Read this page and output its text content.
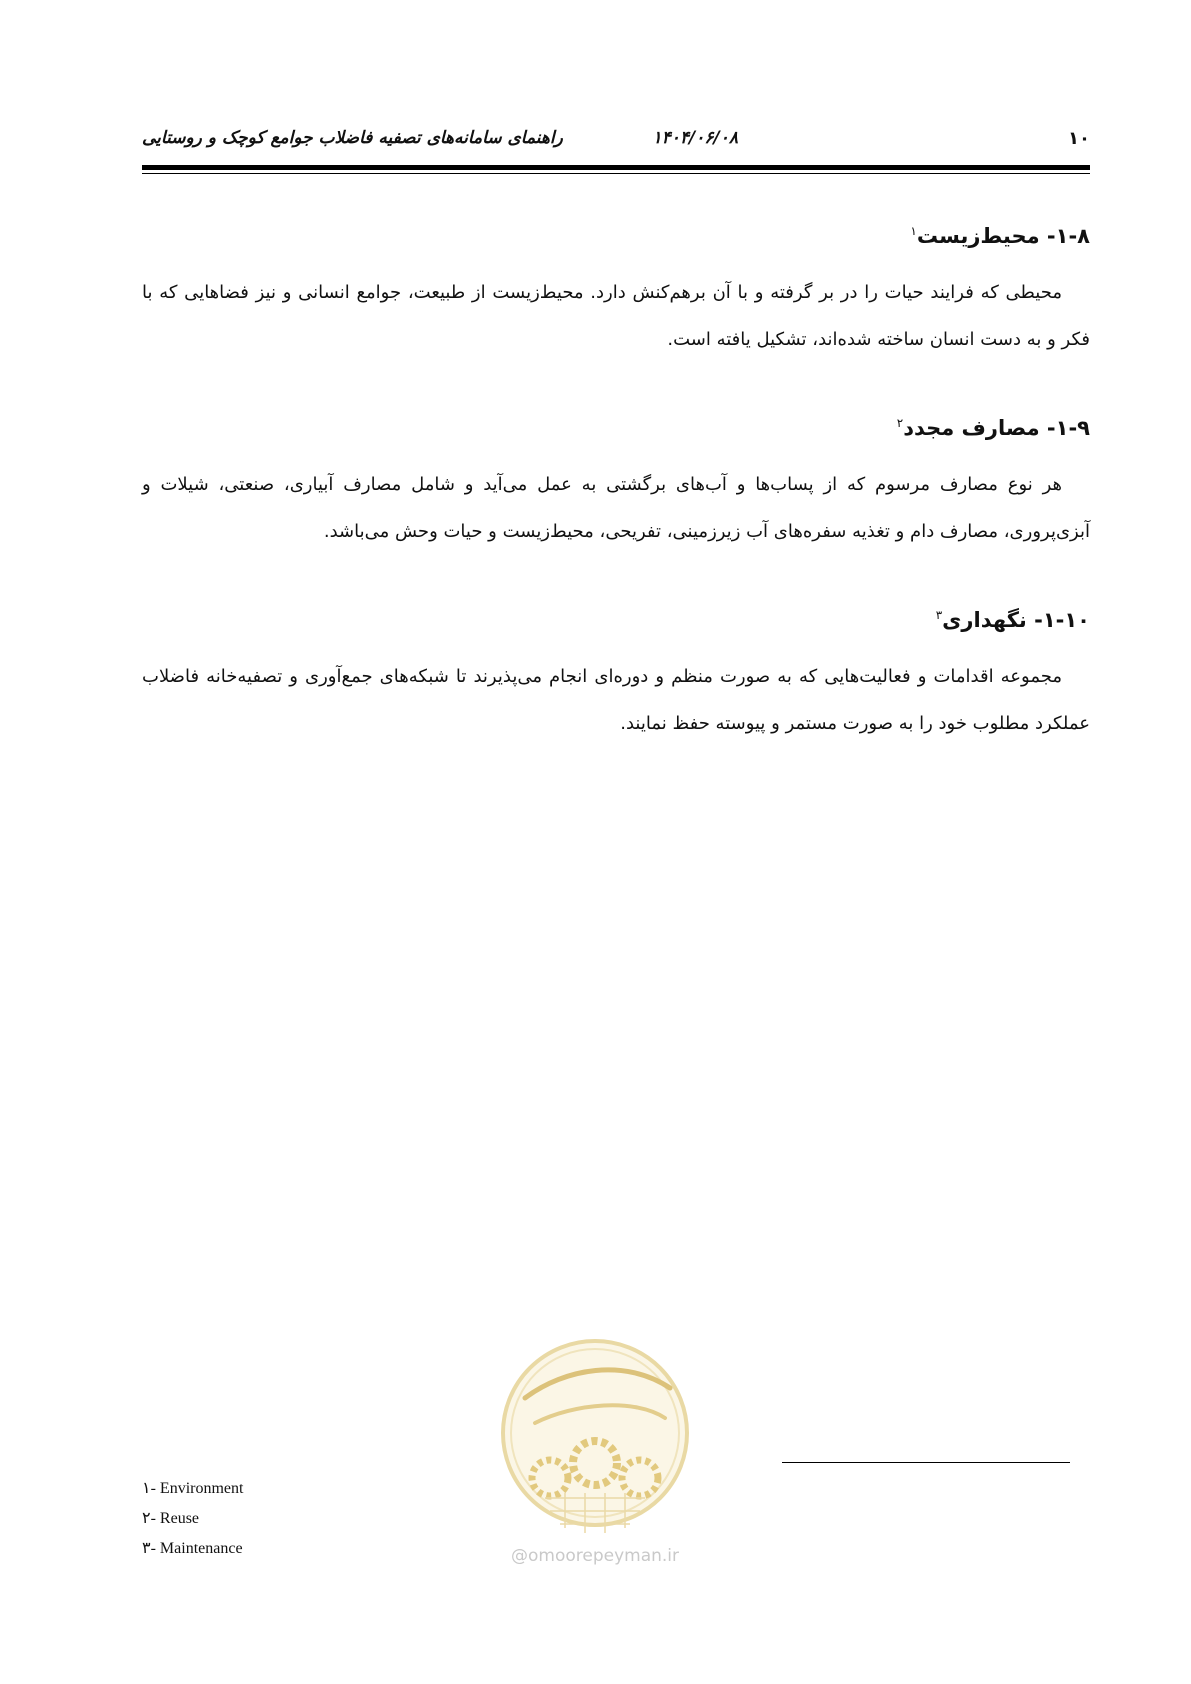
۱۰
۱۴۰۴/۰۶/۰۸
راهنمای سامانه‌های تصفیه فاضلاب جوامع کوچک و روستایی
۱-۸- محیط‌زیست$^۱$

محیطی که فرایند حیات را در بر گرفته و با آن برهم‌کنش دارد. محیط‌زیست از طبیعت، جوامع انسانی و نیز فضاهایی که با فکر و به دست انسان ساخته شده‌اند، تشکیل یافته است.

۱-۹- مصارف مجدد$^۲$

هر نوع مصارف مرسوم که از پساب‌ها و آب‌های برگشتی به عمل می‌آید و شامل مصارف آبیاری، صنعتی، شیلات و آبزی‌پروری، مصارف دام و تغذیه سفره‌های آب زیرزمینی، تفریحی، محیط‌زیست و حیات وحش می‌باشد.

۱-۱۰- نگهداری$^۳$

مجموعه اقدامات و فعالیت‌هایی که به صورت منظم و دوره‌ای انجام می‌پذیرند تا شبکه‌های جمع‌آوری و تصفیه‌خانه فاضلاب عملکرد مطلوب خود را به صورت مستمر و پیوسته حفظ نمایند.

@omoorepeyman.ir
۱- Environment
۲- Reuse
۳- Maintenance
